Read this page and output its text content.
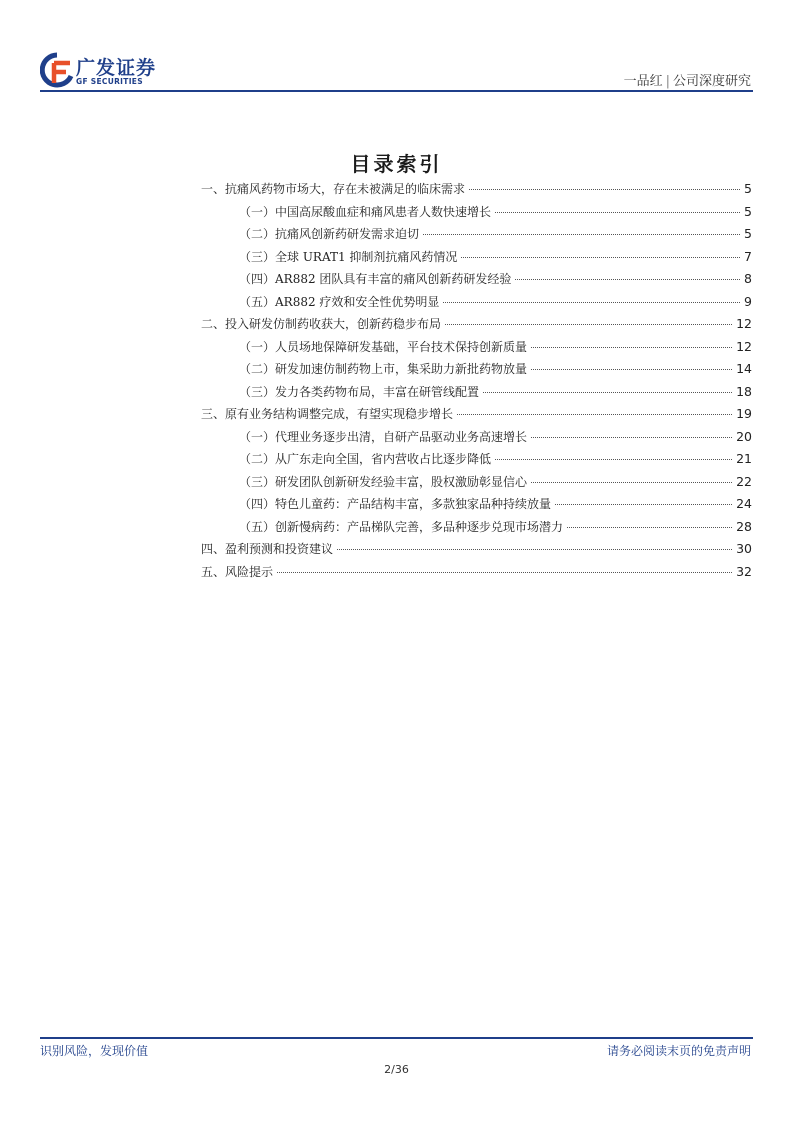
广发证券
GF SECURITIES	一品红 | 公司深度研究
目录索引
一、抗痛风药物市场大，存在未被满足的临床需求	5
（一）中国高尿酸血症和痛风患者人数快速增长	5
（二）抗痛风创新药研发需求迫切	5
（三）全球 URAT1 抑制剂抗痛风药情况	7
（四）AR882 团队具有丰富的痛风创新药研发经验	8
（五）AR882 疗效和安全性优势明显	9
二、投入研发仿制药收获大，创新药稳步布局	12
（一）人员场地保障研发基础，平台技术保持创新质量	12
（二）研发加速仿制药物上市，集采助力新批药物放量	14
（三）发力各类药物布局，丰富在研管线配置	18
三、原有业务结构调整完成，有望实现稳步增长	19
（一）代理业务逐步出清，自研产品驱动业务高速增长	20
（二）从广东走向全国，省内营收占比逐步降低	21
（三）研发团队创新研发经验丰富，股权激励彰显信心	22
（四）特色儿童药：产品结构丰富，多款独家品种持续放量	24
（五）创新慢病药：产品梯队完善，多品种逐步兑现市场潜力	28
四、盈利预测和投资建议	30
五、风险提示	32
识别风险，发现价值	请务必阅读末页的免责声明
2/36
